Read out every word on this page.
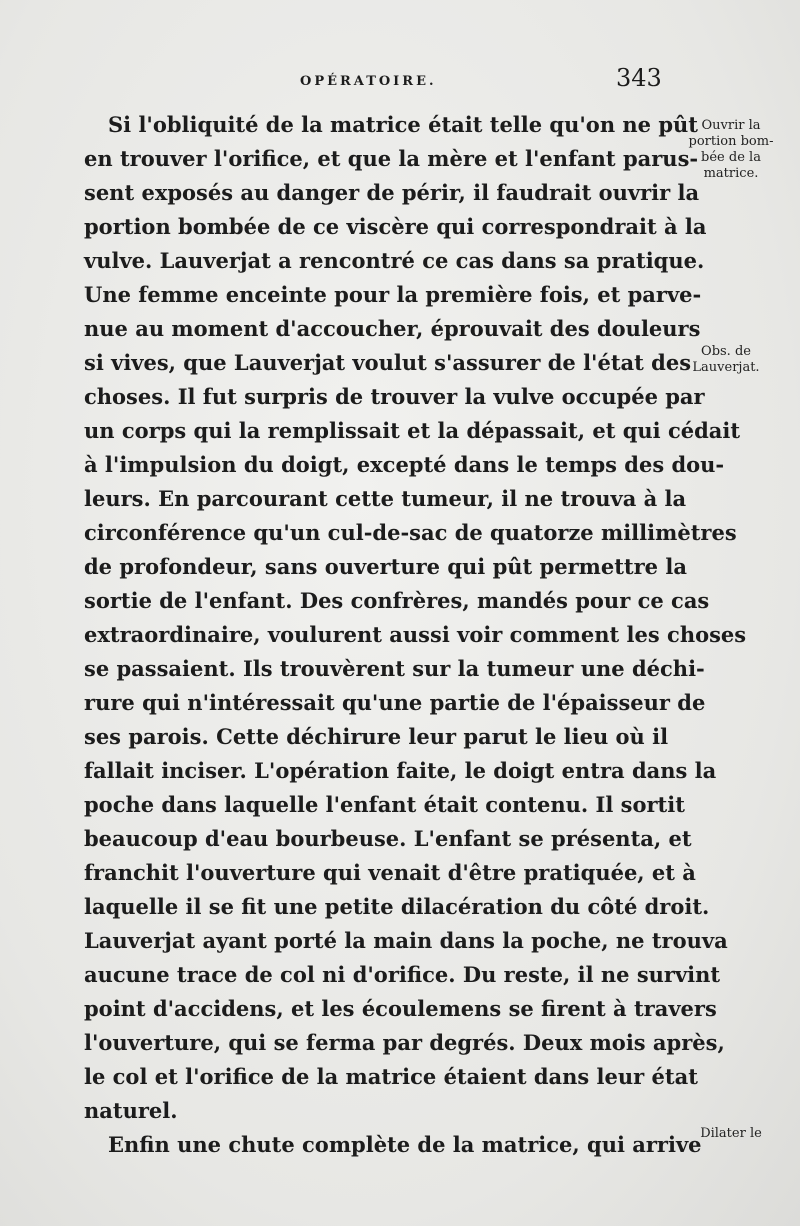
OPÉRATOIRE.	343
Si l'obliquité de la matrice était telle qu'on ne pût
en trouver l'orifice, et que la mère et l'enfant parus-
sent exposés au danger de périr, il faudrait ouvrir la
portion bombée de ce viscère qui correspondrait à la
vulve. Lauverjat a rencontré ce cas dans sa pratique.
Une femme enceinte pour la première fois, et parve-
nue au moment d'accoucher, éprouvait des douleurs
si vives, que Lauverjat voulut s'assurer de l'état des
choses. Il fut surpris de trouver la vulve occupée par
un corps qui la remplissait et la dépassait, et qui cédait
à l'impulsion du doigt, excepté dans le temps des dou-
leurs. En parcourant cette tumeur, il ne trouva à la
circonférence qu'un cul-de-sac de quatorze millimètres
de profondeur, sans ouverture qui pût permettre la
sortie de l'enfant. Des confrères, mandés pour ce cas
extraordinaire, voulurent aussi voir comment les choses
se passaient. Ils trouvèrent sur la tumeur une déchi-
rure qui n'intéressait qu'une partie de l'épaisseur de
ses parois. Cette déchirure leur parut le lieu où il
fallait inciser. L'opération faite, le doigt entra dans la
poche dans laquelle l'enfant était contenu. Il sortit
beaucoup d'eau bourbeuse. L'enfant se présenta, et
franchit l'ouverture qui venait d'être pratiquée, et à
laquelle il se fit une petite dilacération du côté droit.
Lauverjat ayant porté la main dans la poche, ne trouva
aucune trace de col ni d'orifice. Du reste, il ne survint
point d'accidens, et les écoulemens se firent à travers
l'ouverture, qui se ferma par degrés. Deux mois après,
le col et l'orifice de la matrice étaient dans leur état
naturel.
Enfin une chute complète de la matrice, qui arrive
Ouvrir la
portion bom-
bée de la
matrice.
Obs. de
Lauverjat.
Dilater le
